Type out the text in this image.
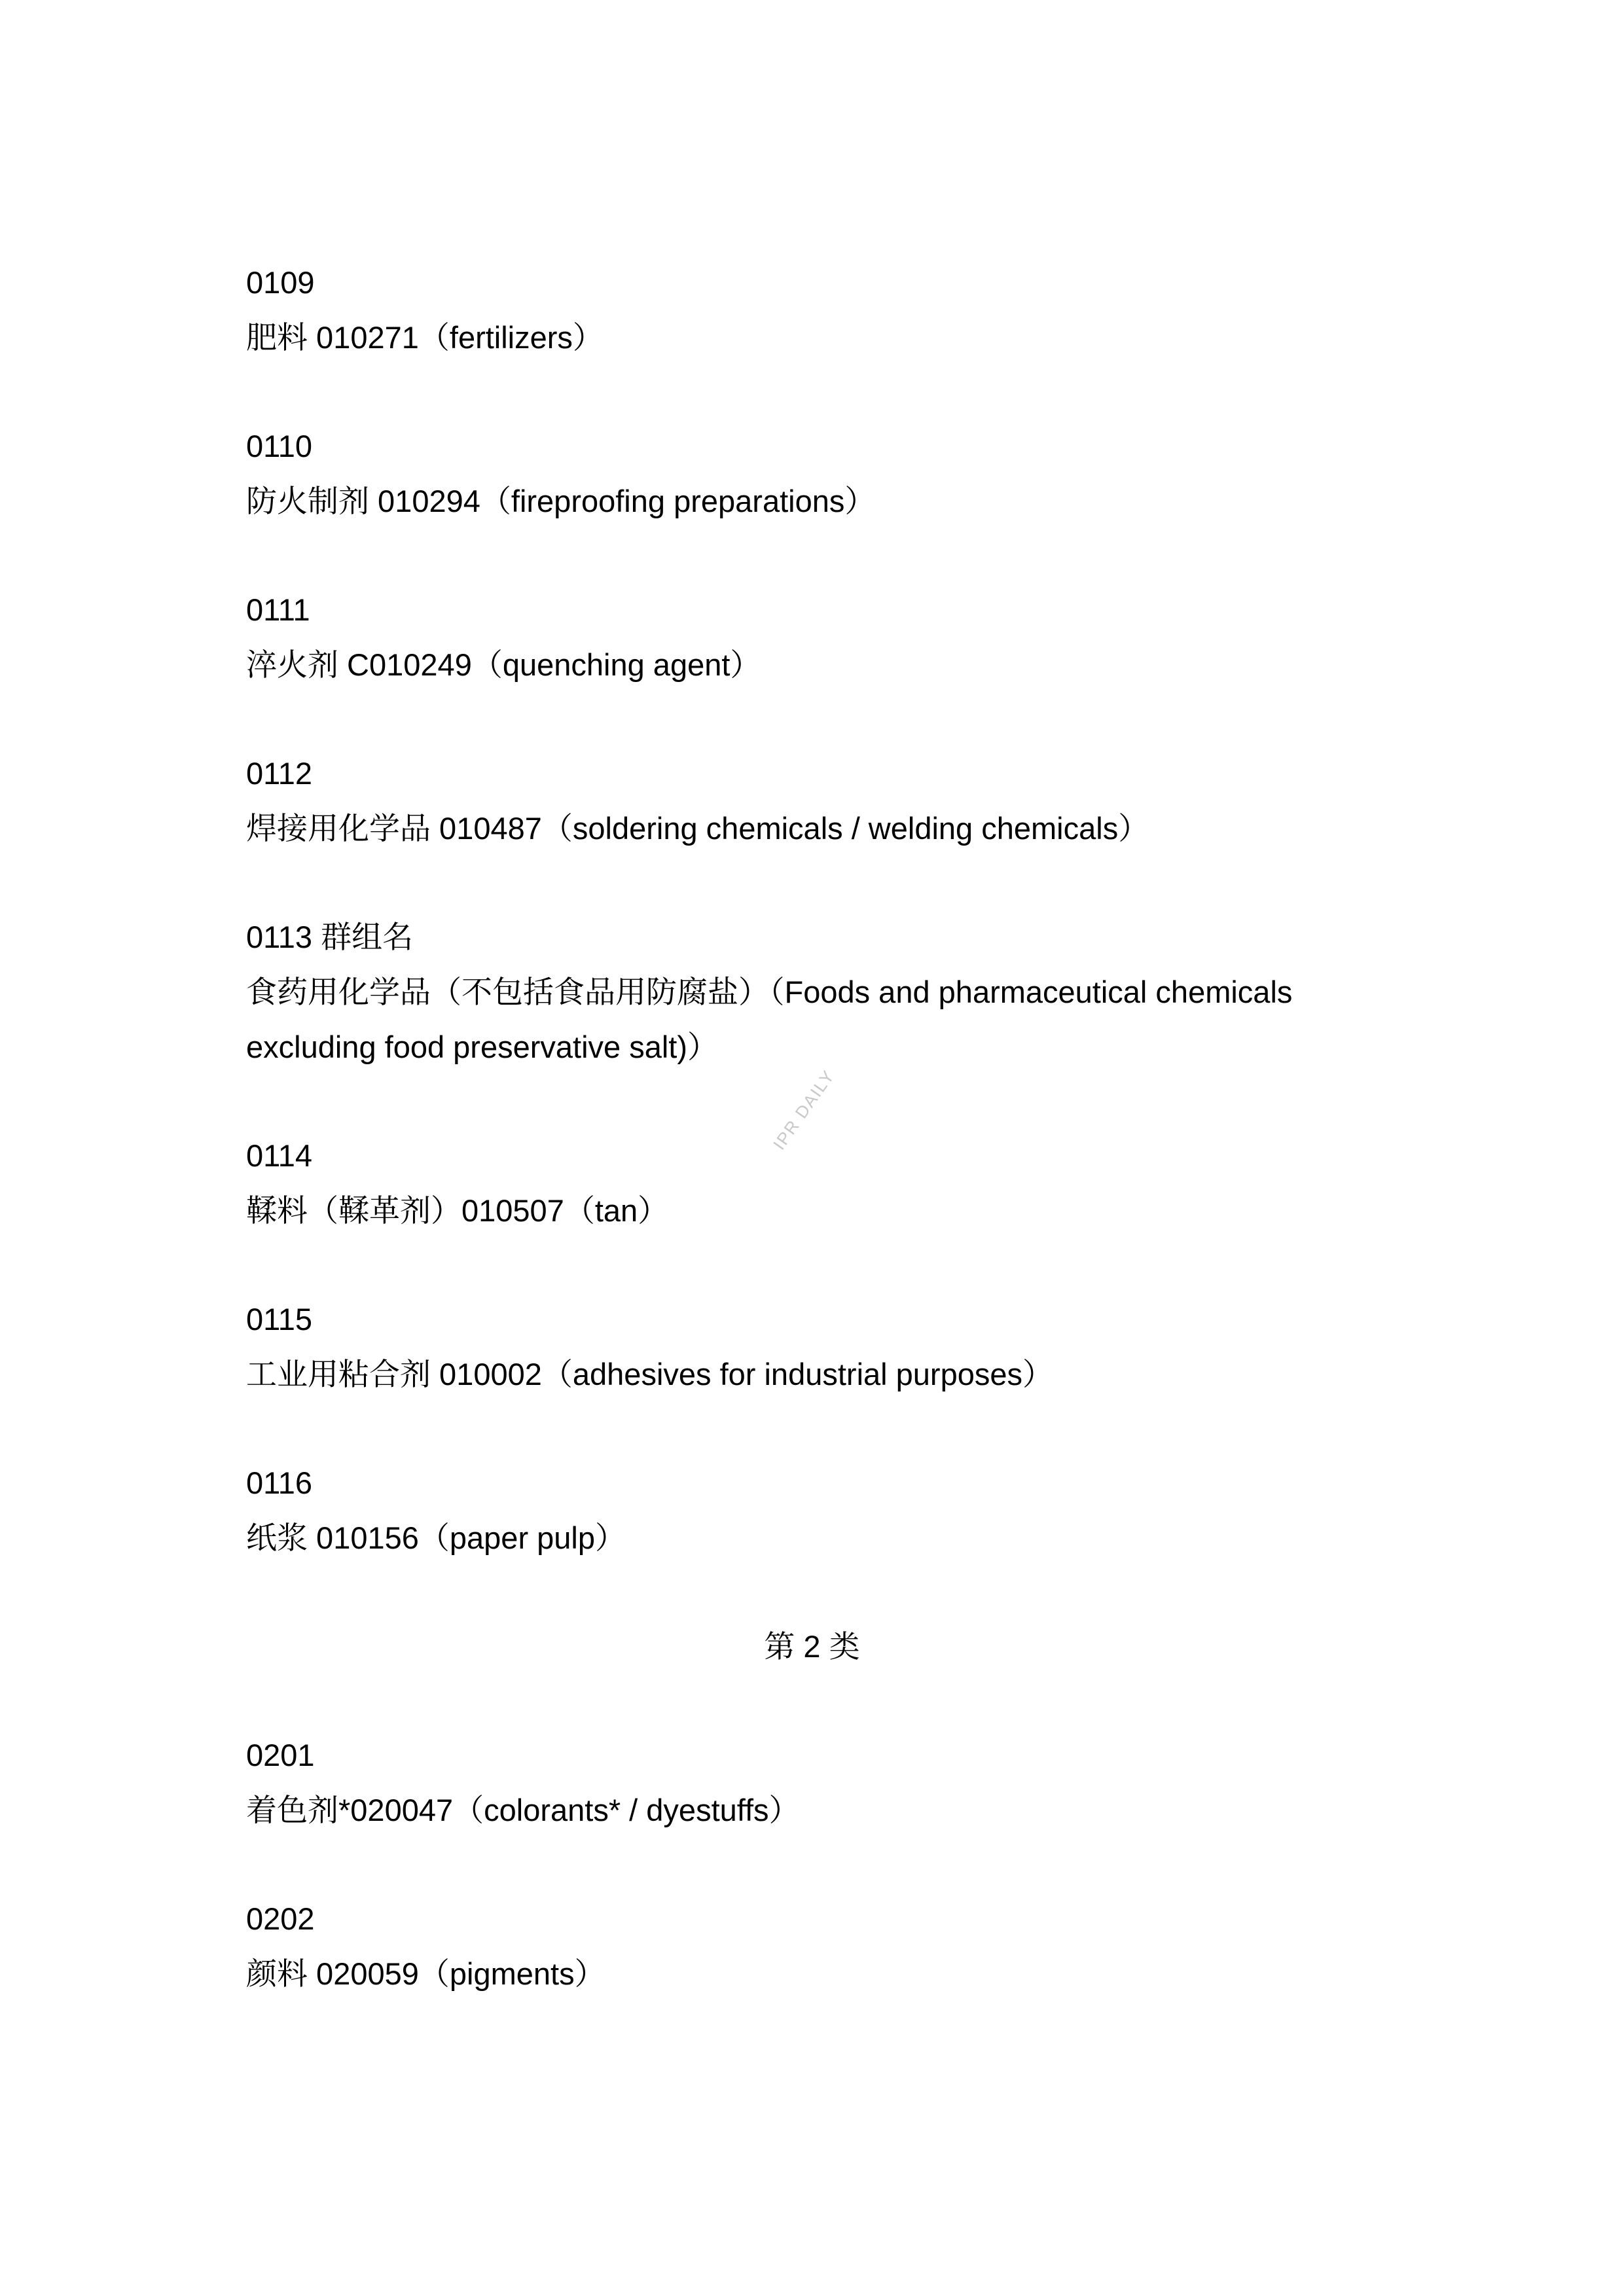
0109
肥料 010271（fertilizers）
0110
防火制剂 010294（fireproofing preparations）
0111
淬火剂 C010249（quenching agent）
0112
焊接用化学品 010487（soldering chemicals / welding chemicals）
0113 群组名
食药用化学品（不包括食品用防腐盐）（Foods and pharmaceutical chemicals excluding food preservative salt)）
IPR DAILY
0114
鞣料（鞣革剂）010507（tan）
0115
工业用粘合剂 010002（adhesives for industrial purposes）
0116
纸浆 010156（paper pulp）
第 2 类
0201
着色剂*020047（colorants* / dyestuffs）
0202
颜料 020059（pigments）
